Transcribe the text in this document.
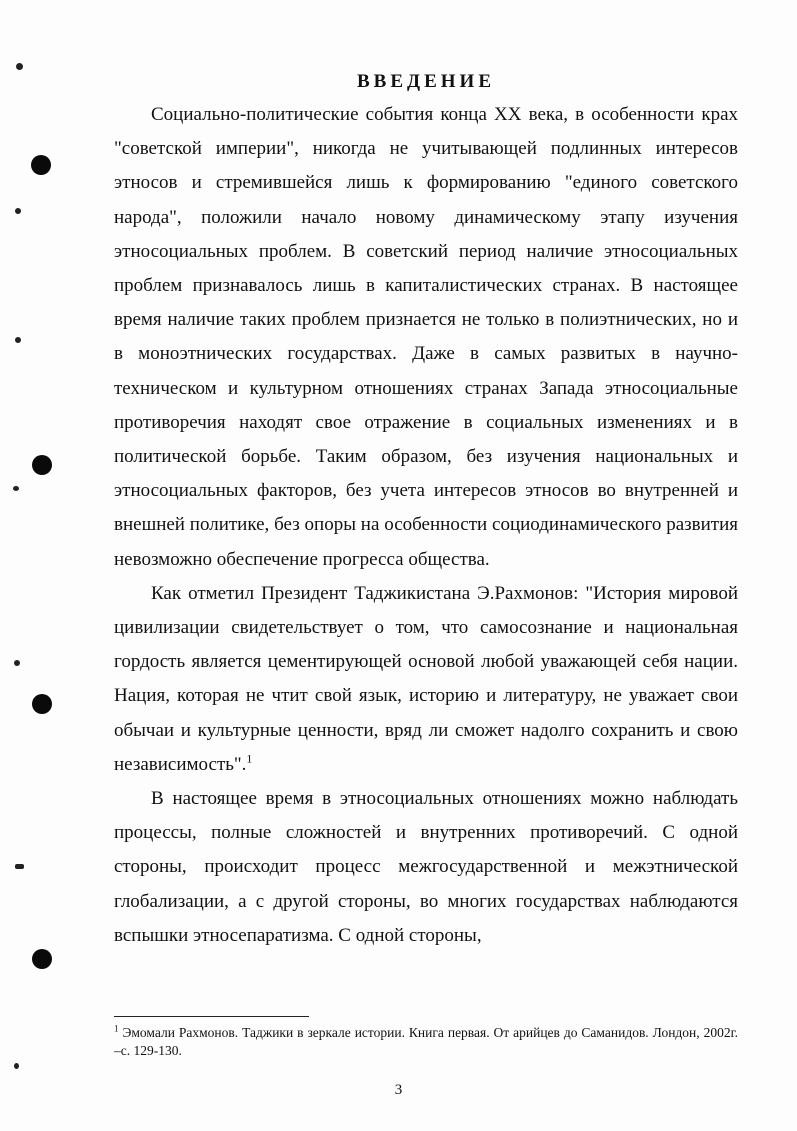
ВВЕДЕНИЕ

Социально-политические события конца XX века, в особенности крах "советской империи", никогда не учитывающей подлинных интересов этносов и стремившейся лишь к формированию "единого советского народа", положили начало новому динамическому этапу изучения этносоциальных проблем. В советский период наличие этносоциальных проблем признавалось лишь в капиталистических странах. В настоящее время наличие таких проблем признается не только в полиэтнических, но и в моноэтнических государствах. Даже в самых развитых в научно-техническом и культурном отношениях странах Запада этносоциальные противоречия находят свое отражение в социальных изменениях и в политической борьбе. Таким образом, без изучения национальных и этносоциальных факторов, без учета интересов этносов во внутренней и внешней политике, без опоры на особенности социодинамического развития невозможно обеспечение прогресса общества.

Как отметил Президент Таджикистана Э.Рахмонов: "История мировой цивилизации свидетельствует о том, что самосознание и национальная гордость является цементирующей основой любой уважающей себя нации. Нация, которая не чтит свой язык, историю и литературу, не уважает свои обычаи и культурные ценности, вряд ли сможет надолго сохранить и свою независимость".$^1$

В настоящее время в этносоциальных отношениях можно наблюдать процессы, полные сложностей и внутренних противоречий. С одной стороны, происходит процесс межгосударственной и межэтнической глобализации, а с другой стороны, во многих государствах наблюдаются вспышки этносепаратизма. С одной стороны,

$^1$ Эмомали Рахмонов. Таджики в зеркале истории. Книга первая. От арийцев до Саманидов. Лондон, 2002г. –с. 129-130.

3
